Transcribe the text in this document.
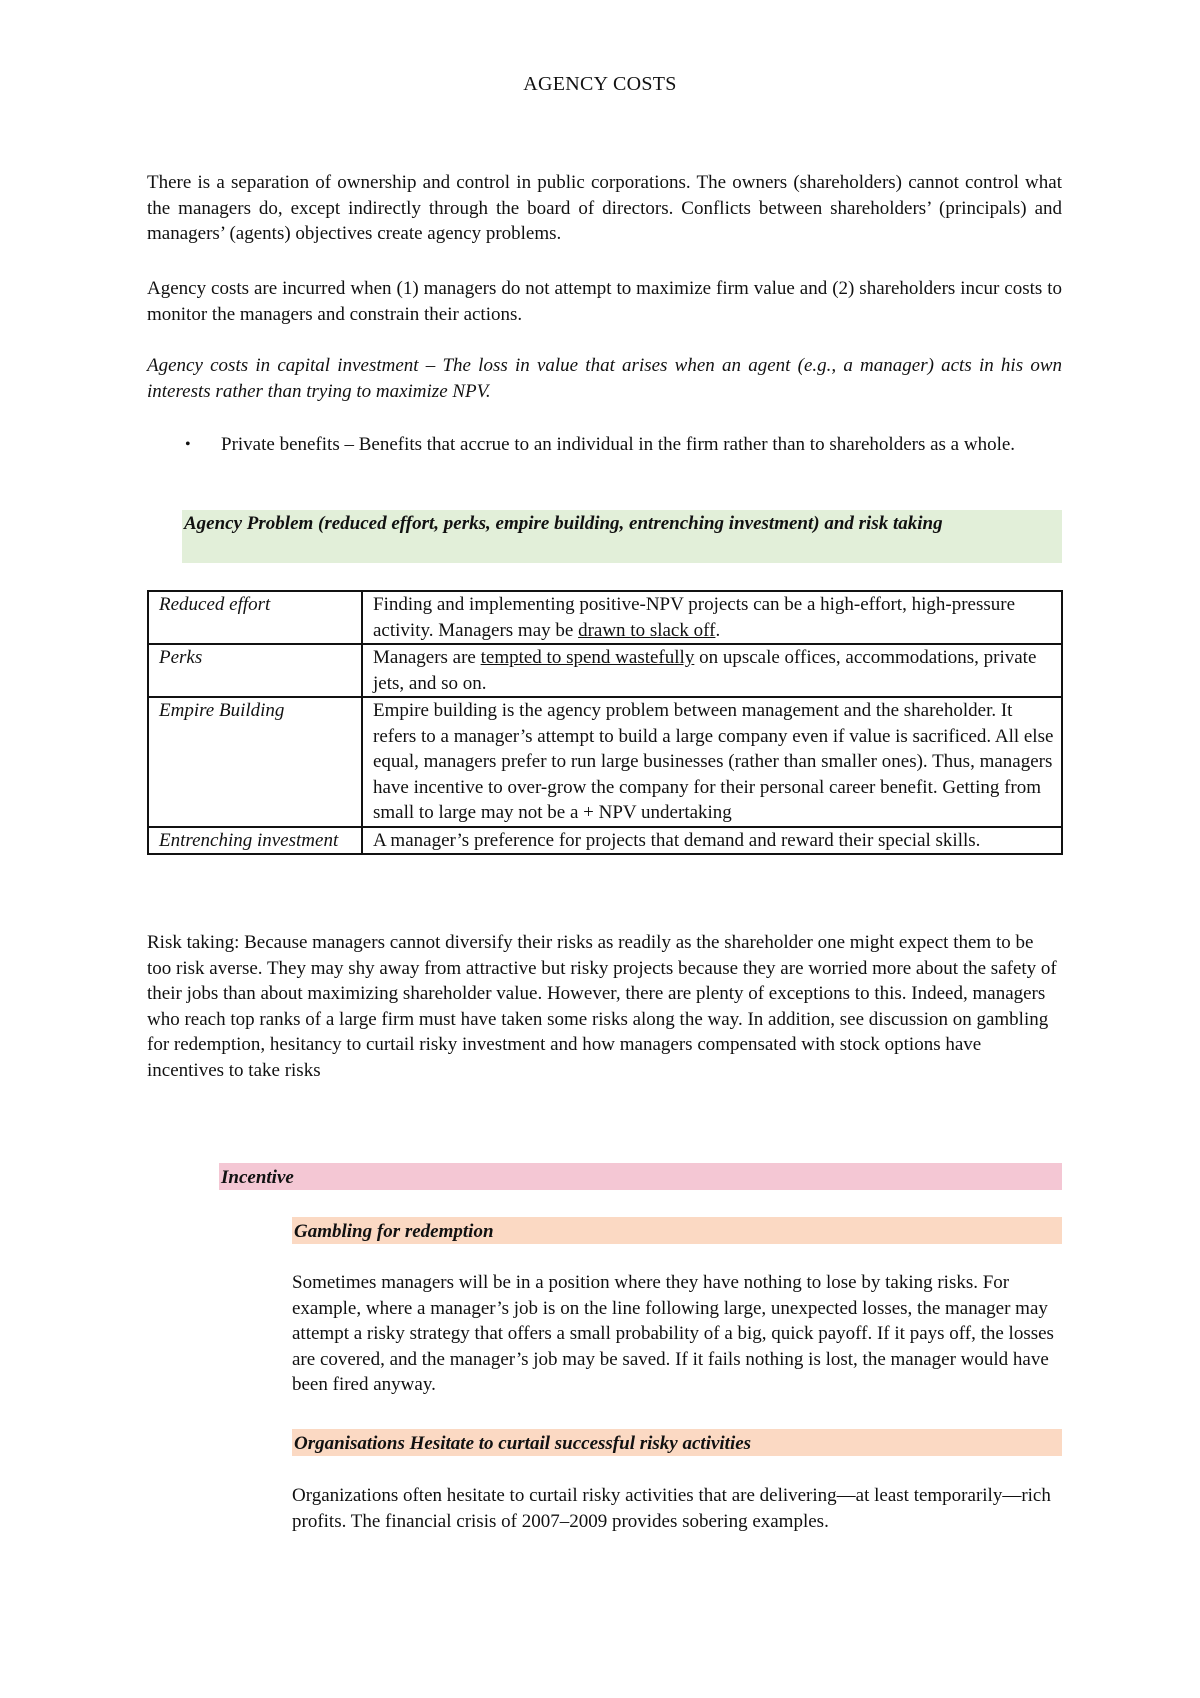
AGENCY COSTS

There is a separation of ownership and control in public corporations. The owners (shareholders) cannot control what the managers do, except indirectly through the board of directors. Conflicts between shareholders’ (principals) and managers’ (agents) objectives create agency problems.

Agency costs are incurred when (1) managers do not attempt to maximize firm value and (2) shareholders incur costs to monitor the managers and constrain their actions.

Agency costs in capital investment – The loss in value that arises when an agent (e.g., a manager) acts in his own interests rather than trying to maximize NPV.

• Private benefits – Benefits that accrue to an individual in the firm rather than to shareholders as a whole.
Agency Problem (reduced effort, perks, empire building, entrenching investment) and risk taking
Reduced effort	Finding and implementing positive-NPV projects can be a high-effort, high-pressure activity. Managers may be drawn to slack off.
Perks	Managers are tempted to spend wastefully on upscale offices, accommodations, private jets, and so on.
Empire Building	Empire building is the agency problem between management and the shareholder. It refers to a manager’s attempt to build a large company even if value is sacrificed. All else equal, managers prefer to run large businesses (rather than smaller ones). Thus, managers have incentive to over-grow the company for their personal career benefit. Getting from small to large may not be a + NPV undertaking
Entrenching investment	A manager’s preference for projects that demand and reward their special skills.

Risk taking: Because managers cannot diversify their risks as readily as the shareholder one might expect them to be too risk averse. They may shy away from attractive but risky projects because they are worried more about the safety of their jobs than about maximizing shareholder value. However, there are plenty of exceptions to this. Indeed, managers who reach top ranks of a large firm must have taken some risks along the way. In addition, see discussion on gambling for redemption, hesitancy to curtail risky investment and how managers compensated with stock options have incentives to take risks

Incentive
Gambling for redemption

Sometimes managers will be in a position where they have nothing to lose by taking risks. For example, where a manager’s job is on the line following large, unexpected losses, the manager may attempt a risky strategy that offers a small probability of a big, quick payoff. If it pays off, the losses are covered, and the manager’s job may be saved. If it fails nothing is lost, the manager would have been fired anyway.

Organisations Hesitate to curtail successful risky activities

Organizations often hesitate to curtail risky activities that are delivering—at least temporarily—rich profits. The financial crisis of 2007–2009 provides sobering examples.
